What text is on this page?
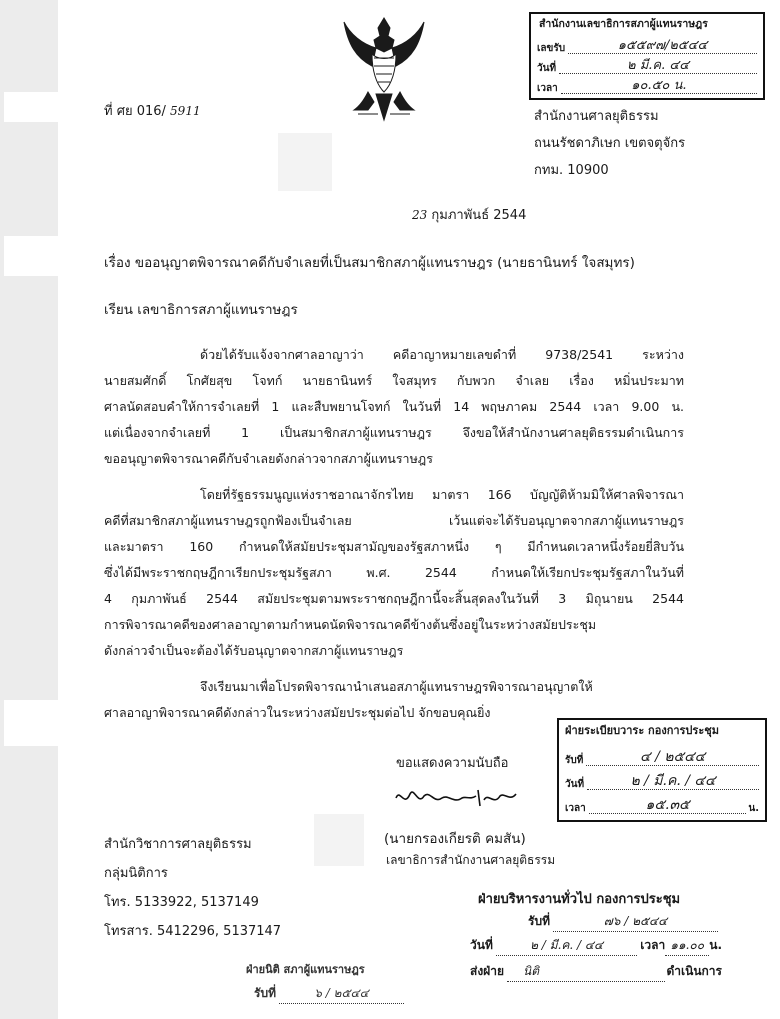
สำนักงานเลขาธิการสภาผู้แทนราษฎร
เลขรับ	๑๕๕๙๗/๒๕๔๔
วันที่	๒ มี.ค. ๔๔
เวลา	๑๐.๕๐ น.
ที่ ศย 016/ 5911	สำนักงานศาลยุติธรรม
ถนนรัชดาภิเษก เขตจตุจักร
กทม. 10900
23 กุมภาพันธ์ 2544
เรื่อง ขออนุญาตพิจารณาคดีกับจำเลยที่เป็นสมาชิกสภาผู้แทนราษฎร (นายธานินทร์ ใจสมุทร)
เรียน เลขาธิการสภาผู้แทนราษฎร
ด้วยได้รับแจ้งจากศาลอาญาว่า คดีอาญาหมายเลขดำที่ 9738/2541 ระหว่าง
นายสมศักดิ์ โกศัยสุข โจทก์ นายธานินทร์ ใจสมุทร กับพวก จำเลย เรื่อง หมิ่นประมาท
ศาลนัดสอบคำให้การจำเลยที่ 1 และสืบพยานโจทก์ ในวันที่ 14 พฤษภาคม 2544 เวลา 9.00 น.
แต่เนื่องจากจำเลยที่ 1 เป็นสมาชิกสภาผู้แทนราษฎร จึงขอให้สำนักงานศาลยุติธรรมดำเนินการ
ขออนุญาตพิจารณาคดีกับจำเลยดังกล่าวจากสภาผู้แทนราษฎร
โดยที่รัฐธรรมนูญแห่งราชอาณาจักรไทย มาตรา 166 บัญญัติห้ามมิให้ศาลพิจารณา
คดีที่สมาชิกสภาผู้แทนราษฎรถูกฟ้องเป็นจำเลย เว้นแต่จะได้รับอนุญาตจากสภาผู้แทนราษฎร
และมาตรา 160 กำหนดให้สมัยประชุมสามัญของรัฐสภาหนึ่ง ๆ มีกำหนดเวลาหนึ่งร้อยยี่สิบวัน
ซึ่งได้มีพระราชกฤษฎีกาเรียกประชุมรัฐสภา พ.ศ. 2544 กำหนดให้เรียกประชุมรัฐสภาในวันที่
4 กุมภาพันธ์ 2544 สมัยประชุมตามพระราชกฤษฎีกานี้จะสิ้นสุดลงในวันที่ 3 มิถุนายน 2544
การพิจารณาคดีของศาลอาญาตามกำหนดนัดพิจารณาคดีข้างต้นซึ่งอยู่ในระหว่างสมัยประชุม
ดังกล่าวจำเป็นจะต้องได้รับอนุญาตจากสภาผู้แทนราษฎร
จึงเรียนมาเพื่อโปรดพิจารณานำเสนอสภาผู้แทนราษฎรพิจารณาอนุญาตให้
ศาลอาญาพิจารณาคดีดังกล่าวในระหว่างสมัยประชุมต่อไป จักขอบคุณยิ่ง
ฝ่ายระเบียบวาระ กองการประชุม
รับที่	๔ / ๒๕๔๔
วันที่	๒ / มี.ค. / ๔๔
เวลา	๑๕.๓๕	น.
ขอแสดงความนับถือ
(นายกรองเกียรติ คมสัน)
เลขาธิการสำนักงานศาลยุติธรรม
สำนักวิชาการศาลยุติธรรม
กลุ่มนิติการ
โทร. 5133922, 5137149
โทรสาร. 5412296, 5137147
ฝ่ายบริหารงานทั่วไป กองการประชุม
รับที่	๗๖ / ๒๕๔๔
วันที่	๒ / มี.ค. / ๔๔	เวลา ๑๑.๐๐ น.
ส่งฝ่าย	นิติ	ดำเนินการ
ฝ่ายนิติ สภาผู้แทนราษฎร
รับที่	๖ / ๒๕๔๔
